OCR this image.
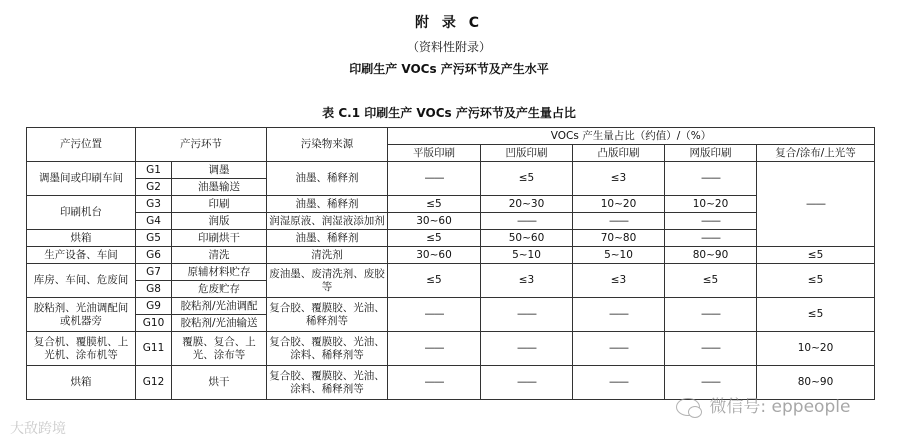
附 录 C
（资料性附录）
印刷生产 VOCs 产污环节及产生水平
表 C.1 印刷生产 VOCs 产污环节及产生量占比
产污位置	产污环节		污染物来源	VOCs 产生量占比（约值）/（%）				
				平版印刷	凹版印刷	凸版印刷	网版印刷	复合/涂布/上光等
调墨间或印刷车间	G1	调墨	油墨、稀释剂	——	≤5	≤3	——	——
	G2	油墨输送						
印刷机台	G3	印刷	油墨、稀释剂	≤5	20~30	10~20	10~20	
	G4	润版	润湿原液、润湿液添加剂	30~60	——	——	——	
烘箱	G5	印刷烘干	油墨、稀释剂	≤5	50~60	70~80	——	
生产设备、车间	G6	清洗	清洗剂	30~60	5~10	5~10	80~90	≤5
库房、车间、危废间	G7	原辅材料贮存	废油墨、废清洗剂、废胶等	≤5	≤3	≤3	≤5	≤5
	G8	危废贮存						
胶粘剂、光油调配间或机器旁	G9	胶粘剂/光油调配	复合胶、覆膜胶、光油、稀释剂等	——	——	——	——	≤5
	G10	胶粘剂/光油输送						
复合机、覆膜机、上光机、涂布机等	G11	覆膜、复合、上光、涂布等	复合胶、覆膜胶、光油、涂料、稀释剂等	——	——	——	——	10~20
烘箱	G12	烘干	复合胶、覆膜胶、光油、涂料、稀释剂等	——	——	——	——	80~90
大敌跨境
微信号: eppeople
